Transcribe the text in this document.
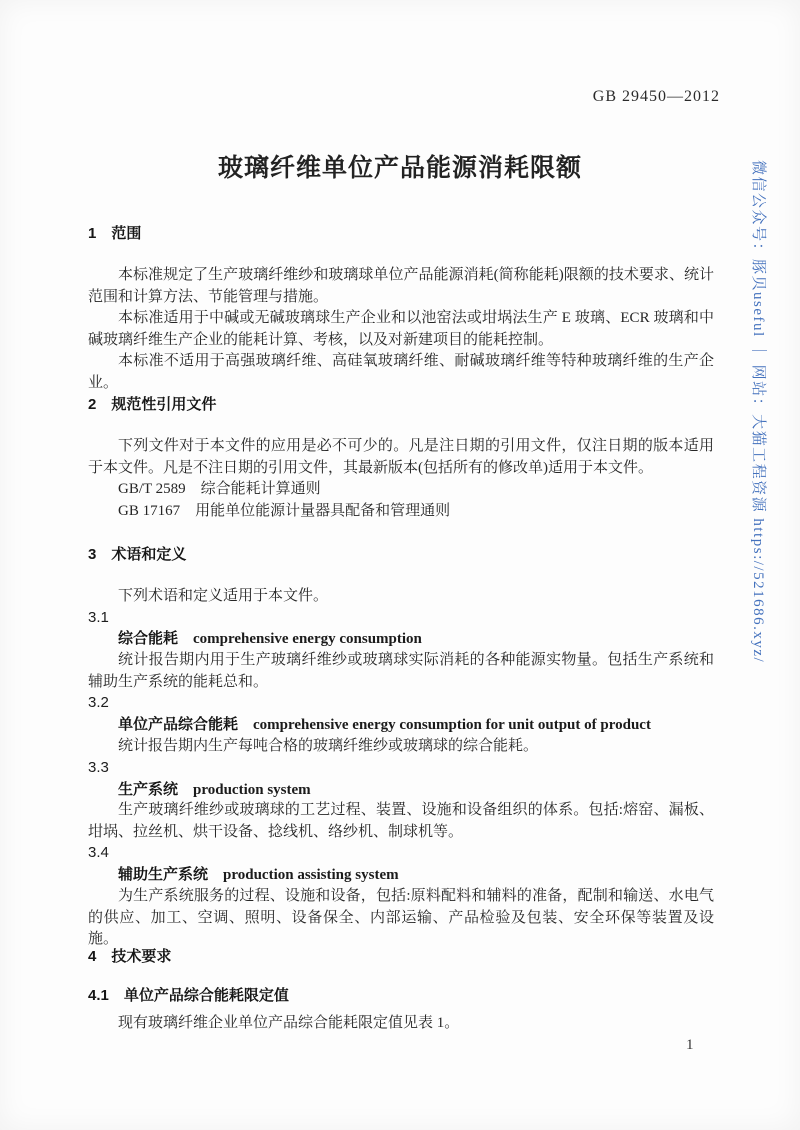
GB 29450—2012
玻璃纤维单位产品能源消耗限额
1　范围

本标准规定了生产玻璃纤维纱和玻璃球单位产品能源消耗(简称能耗)限额的技术要求、统计范围和计算方法、节能管理与措施。

本标准适用于中碱或无碱玻璃球生产企业和以池窑法或坩埚法生产 E 玻璃、ECR 玻璃和中碱玻璃纤维生产企业的能耗计算、考核，以及对新建项目的能耗控制。

本标准不适用于高强玻璃纤维、高硅氧玻璃纤维、耐碱玻璃纤维等特种玻璃纤维的生产企业。

2　规范性引用文件

下列文件对于本文件的应用是必不可少的。凡是注日期的引用文件，仅注日期的版本适用于本文件。凡是不注日期的引用文件，其最新版本(包括所有的修改单)适用于本文件。

GB/T 2589　综合能耗计算通则

GB 17167　用能单位能源计量器具配备和管理通则

3　术语和定义

下列术语和定义适用于本文件。

3.1

综合能耗 comprehensive energy consumption

统计报告期内用于生产玻璃纤维纱或玻璃球实际消耗的各种能源实物量。包括生产系统和辅助生产系统的能耗总和。

3.2

单位产品综合能耗 comprehensive energy consumption for unit output of product

统计报告期内生产每吨合格的玻璃纤维纱或玻璃球的综合能耗。

3.3

生产系统 production system

生产玻璃纤维纱或玻璃球的工艺过程、装置、设施和设备组织的体系。包括:熔窑、漏板、坩埚、拉丝机、烘干设备、捻线机、络纱机、制球机等。

3.4

辅助生产系统 production assisting system

为生产系统服务的过程、设施和设备，包括:原料配料和辅料的准备，配制和输送、水电气的供应、加工、空调、照明、设备保全、内部运输、产品检验及包装、安全环保等装置及设施。

4　技术要求
4.1　单位产品综合能耗限定值

现有玻璃纤维企业单位产品综合能耗限定值见表 1。

1
微信公众号：豚贝useful ｜ 网站：大猫工程资源 https://521686.xyz/
